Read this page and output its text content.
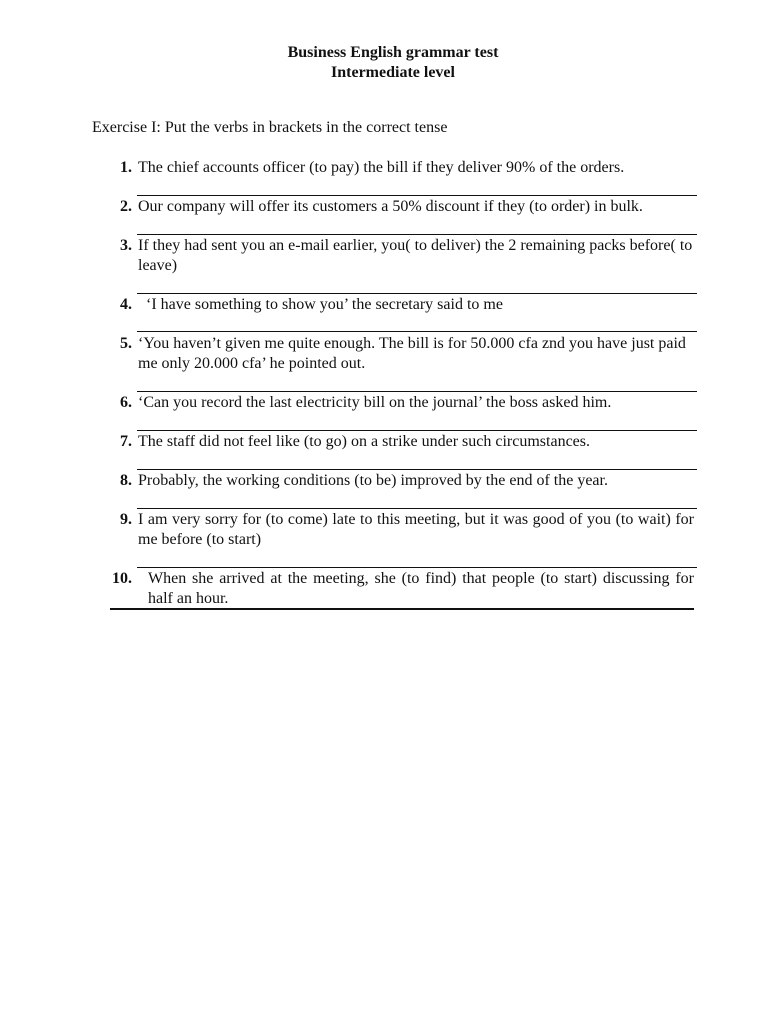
Business English grammar test
Intermediate level
Exercise I: Put the verbs in brackets in the correct tense
1. The chief accounts officer (to pay) the bill if they deliver 90% of the orders.
2. Our company will offer its customers a 50% discount if they (to order) in bulk.
3. If they had sent you an e-mail earlier, you( to deliver) the 2 remaining packs before( to leave)
4. ‘I have something to show you’ the secretary said to me
5. ‘You haven’t given me quite enough. The bill is for 50.000 cfa znd you have just paid me only 20.000 cfa’ he pointed out.
6. ‘Can you record the last electricity bill on the journal’ the boss asked him.
7. The staff did not feel like (to go) on a strike under such circumstances.
8. Probably, the working conditions (to be) improved by the end of the year.
9. I am very sorry for (to come) late to this meeting, but it was good of you (to wait) for me before (to start)
10. When she arrived at the meeting, she (to find) that people (to start) discussing for half an hour.
